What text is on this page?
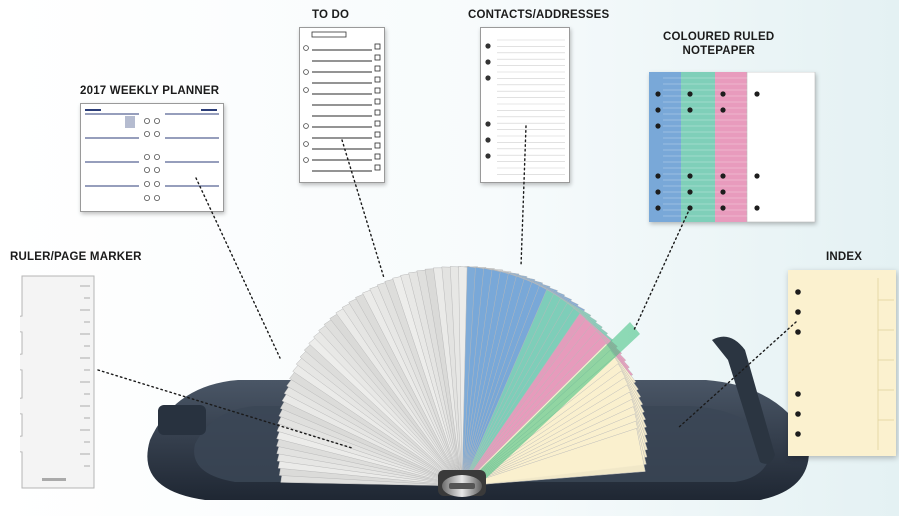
RULER/PAGE MARKER
2017 WEEKLY PLANNER
TO DO	CONTACTS/ADDRESSES
COLOURED RULED
NOTEPAPER
INDEX
